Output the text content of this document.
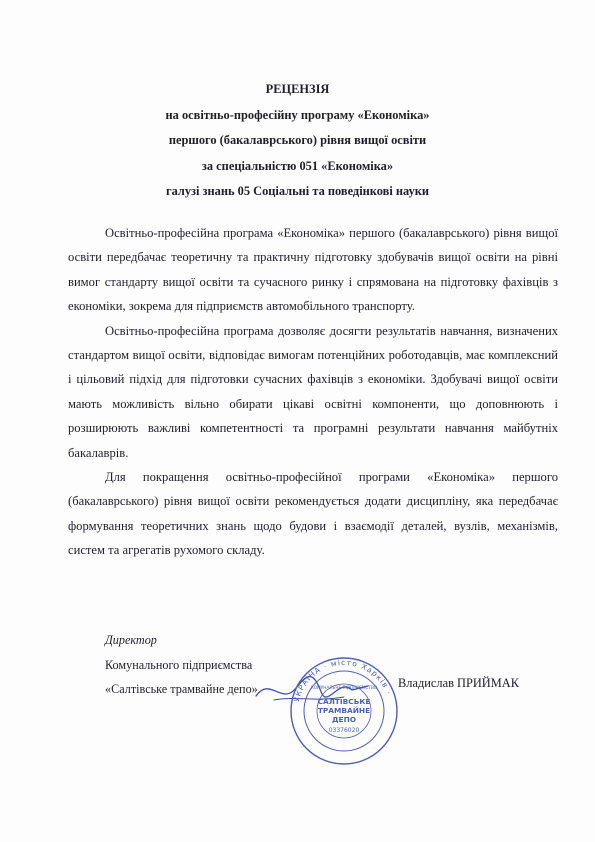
РЕЦЕНЗІЯ
на освітньо-професійну програму «Економіка»
першого (бакалаврського) рівня вищої освіти
за спеціальністю 051 «Економіка»
галузі знань 05 Соціальні та поведінкові науки

Освітньо-професійна програма «Економіка» першого (бакалаврського) рівня вищої освіти передбачає теоретичну та практичну підготовку здобувачів вищої освіти на рівні вимог стандарту вищої освіти та сучасного ринку і спрямована на підготовку фахівців з економіки, зокрема для підприємств автомобільного транспорту.

Освітньо-професійна програма дозволяє досягти результатів навчання, визначених стандартом вищої освіти, відповідає вимогам потенційних роботодавців, має комплексний і цільовий підхід для підготовки сучасних фахівців з економіки. Здобувачі вищої освіти мають можливість вільно обирати цікаві освітні компоненти, що доповнюють і розширюють важливі компетентності та програмні результати навчання майбутніх бакалаврів.

Для покращення освітньо-професійної програми «Економіка» першого (бакалаврського) рівня вищої освіти рекомендується додати дисципліну, яка передбачає формування теоретичних знань щодо будови і взаємодії деталей, вузлів, механізмів, систем та агрегатів рухомого складу.

Директор
Комунального підприємства
«Салтівське трамвайне депо»
УКРАЇНА · місто Харків ·
КОМУНАЛЬНЕ ПІДПРИЄМСТВО
САЛТІВСЬКЕ
ТРАМВАЙНЕ
ДЕПО
03376020
Владислав ПРИЙМАК
